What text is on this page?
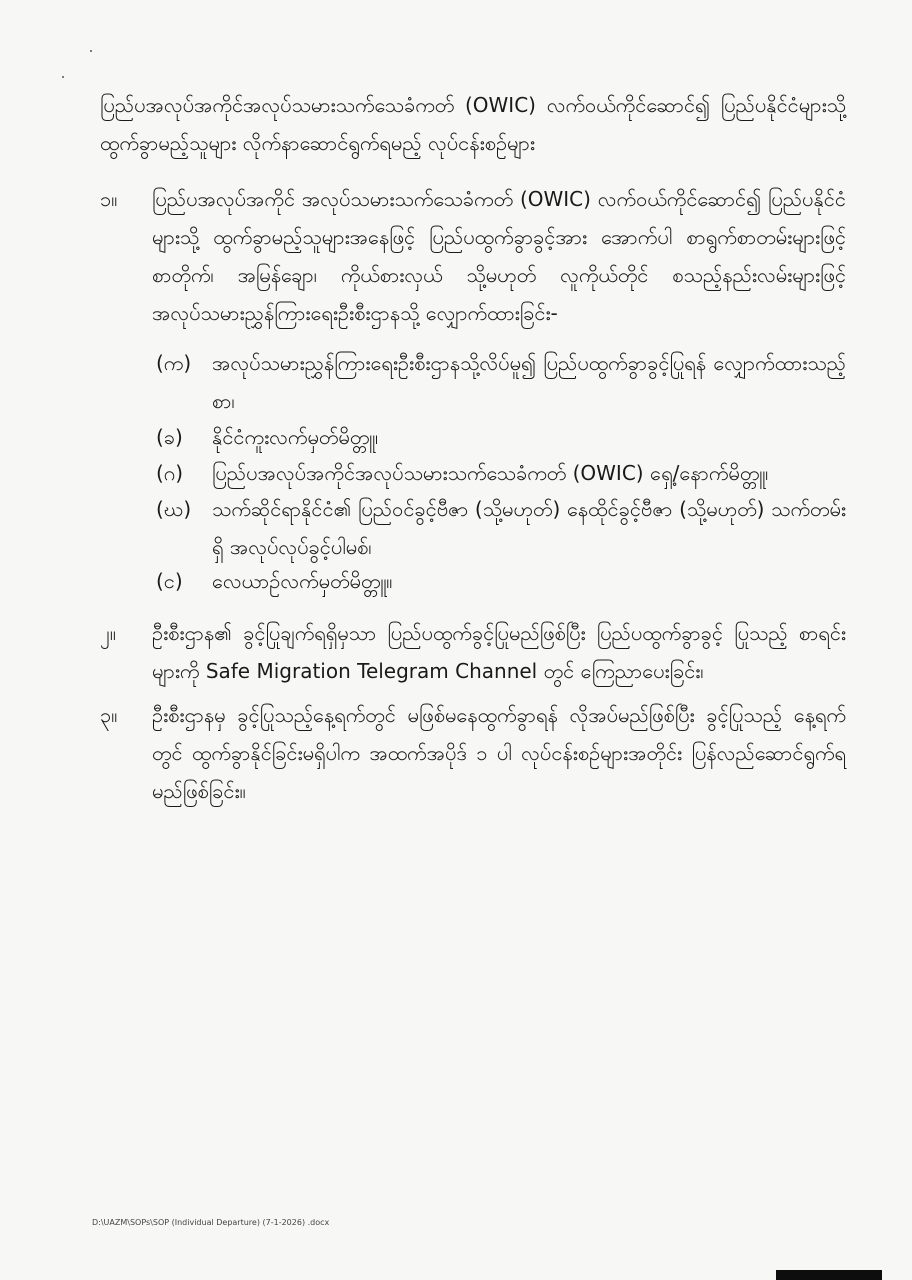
ပြည်ပအလုပ်အကိုင်အလုပ်သမားသက်သေခံကတ် (OWIC) လက်ဝယ်ကိုင်ဆောင်၍ ပြည်ပနိုင်ငံများသို့ ထွက်ခွာမည့်သူများ လိုက်နာဆောင်ရွက်ရမည့် လုပ်ငန်းစဉ်များ
၁။ ပြည်ပအလုပ်အကိုင် အလုပ်သမားသက်သေခံကတ် (OWIC) လက်ဝယ်ကိုင်ဆောင်၍ ပြည်ပနိုင်ငံများသို့ ထွက်ခွာမည့်သူများအနေဖြင့် ပြည်ပထွက်ခွာခွင့်အား အောက်ပါ စာရွက်စာတမ်းများဖြင့် စာတိုက်၊ အမြန်ချော၊ ကိုယ်စားလှယ် သို့မဟုတ် လူကိုယ်တိုင် စသည့်နည်းလမ်းများဖြင့် အလုပ်သမားညွှန်ကြားရေးဦးစီးဌာနသို့ လျှောက်ထားခြင်း-
(က) အလုပ်သမားညွှန်ကြားရေးဦးစီးဌာနသို့လိပ်မူ၍ ပြည်ပထွက်ခွာခွင့်ပြုရန် လျှောက်ထားသည့်စာ၊
(ခ) နိုင်ငံကူးလက်မှတ်မိတ္တူ၊
(ဂ) ပြည်ပအလုပ်အကိုင်အလုပ်သမားသက်သေခံကတ် (OWIC) ရှေ့/နောက်မိတ္တူ၊
(ဃ) သက်ဆိုင်ရာနိုင်ငံ၏ ပြည်ဝင်ခွင့်ဗီဇာ (သို့မဟုတ်) နေထိုင်ခွင့်ဗီဇာ (သို့မဟုတ်) သက်တမ်းရှိ အလုပ်လုပ်ခွင့်ပါမစ်၊
(င) လေယာဉ်လက်မှတ်မိတ္တူ။
၂။ ဦးစီးဌာန၏ ခွင့်ပြုချက်ရရှိမှသာ ပြည်ပထွက်ခွင့်ပြုမည်ဖြစ်ပြီး ပြည်ပထွက်ခွာခွင့် ပြုသည့် စာရင်းများကို Safe Migration Telegram Channel တွင် ကြေညာပေးခြင်း၊
၃။ ဦးစီးဌာနမှ ခွင့်ပြုသည့်နေ့ရက်တွင် မဖြစ်မနေထွက်ခွာရန် လိုအပ်မည်ဖြစ်ပြီး ခွင့်ပြုသည့် နေ့ရက်တွင် ထွက်ခွာနိုင်ခြင်းမရှိပါက အထက်အပိုဒ် ၁ ပါ လုပ်ငန်းစဉ်များအတိုင်း ပြန်လည်ဆောင်ရွက်ရမည်ဖြစ်ခြင်း။
D:\UAZM\SOPs\SOP (Individual Departure) (7-1-2026) .docx
